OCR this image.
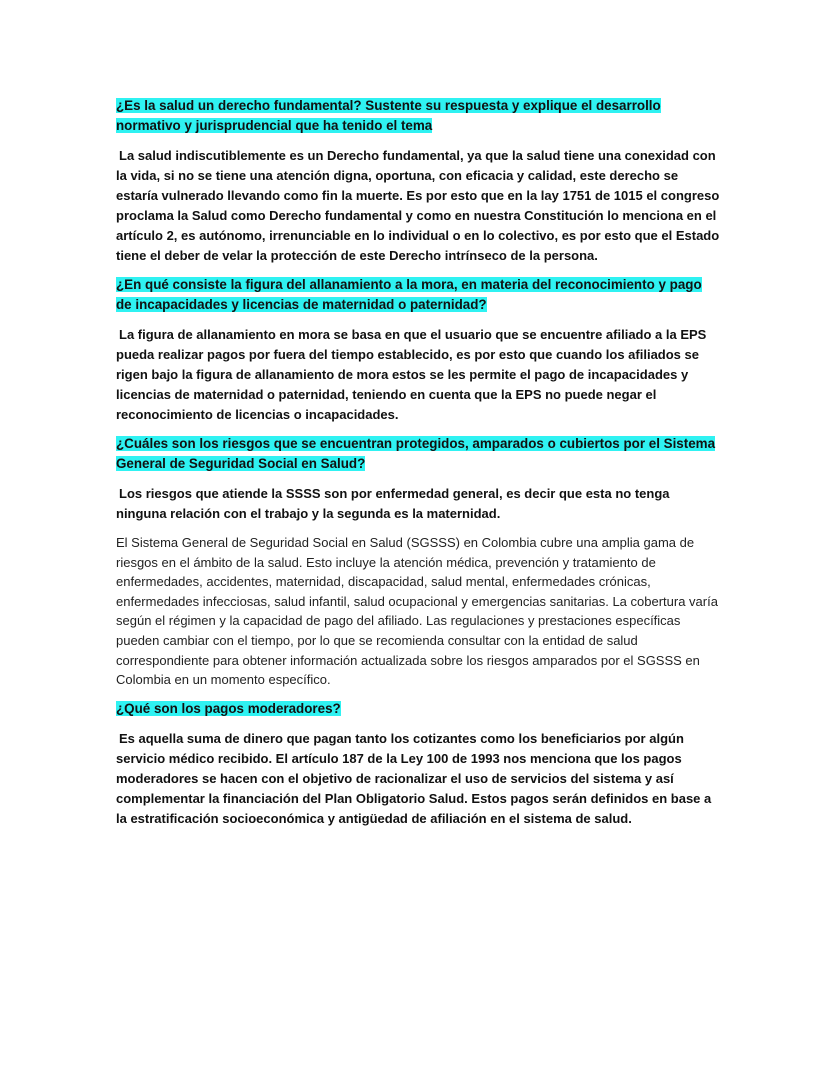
¿Es la salud un derecho fundamental? Sustente su respuesta y explique el desarrollo normativo y jurisprudencial que ha tenido el tema

La salud indiscutiblemente es un Derecho fundamental, ya que la salud tiene una conexidad con la vida, si no se tiene una atención digna, oportuna, con eficacia y calidad, este derecho se estaría vulnerado llevando como fin la muerte. Es por esto que en la lay 1751 de 1015 el congreso proclama la Salud como Derecho fundamental y como en nuestra Constitución lo menciona en el artículo 2, es autónomo, irrenunciable en lo individual o en lo colectivo, es por esto que el Estado tiene el deber de velar la protección de este Derecho intrínseco de la persona.

¿En qué consiste la figura del allanamiento a la mora, en materia del reconocimiento y pago de incapacidades y licencias de maternidad o paternidad?

La figura de allanamiento en mora se basa en que el usuario que se encuentre afiliado a la EPS pueda realizar pagos por fuera del tiempo establecido, es por esto que cuando los afiliados se rigen bajo la figura de allanamiento de mora estos se les permite el pago de incapacidades y licencias de maternidad o paternidad, teniendo en cuenta que la EPS no puede negar el reconocimiento de licencias o incapacidades.

¿Cuáles son los riesgos que se encuentran protegidos, amparados o cubiertos por el Sistema General de Seguridad Social en Salud?

Los riesgos que atiende la SSSS son por enfermedad general, es decir que esta no tenga ninguna relación con el trabajo y la segunda es la maternidad.

El Sistema General de Seguridad Social en Salud (SGSSS) en Colombia cubre una amplia gama de riesgos en el ámbito de la salud. Esto incluye la atención médica, prevención y tratamiento de enfermedades, accidentes, maternidad, discapacidad, salud mental, enfermedades crónicas, enfermedades infecciosas, salud infantil, salud ocupacional y emergencias sanitarias. La cobertura varía según el régimen y la capacidad de pago del afiliado. Las regulaciones y prestaciones específicas pueden cambiar con el tiempo, por lo que se recomienda consultar con la entidad de salud correspondiente para obtener información actualizada sobre los riesgos amparados por el SGSSS en Colombia en un momento específico.

¿Qué son los pagos moderadores?

Es aquella suma de dinero que pagan tanto los cotizantes como los beneficiarios por algún servicio médico recibido. El artículo 187 de la Ley 100 de 1993 nos menciona que los pagos moderadores se hacen con el objetivo de racionalizar el uso de servicios del sistema y así complementar la financiación del Plan Obligatorio Salud. Estos pagos serán definidos en base a la estratificación socioeconómica y antigüedad de afiliación en el sistema de salud.
